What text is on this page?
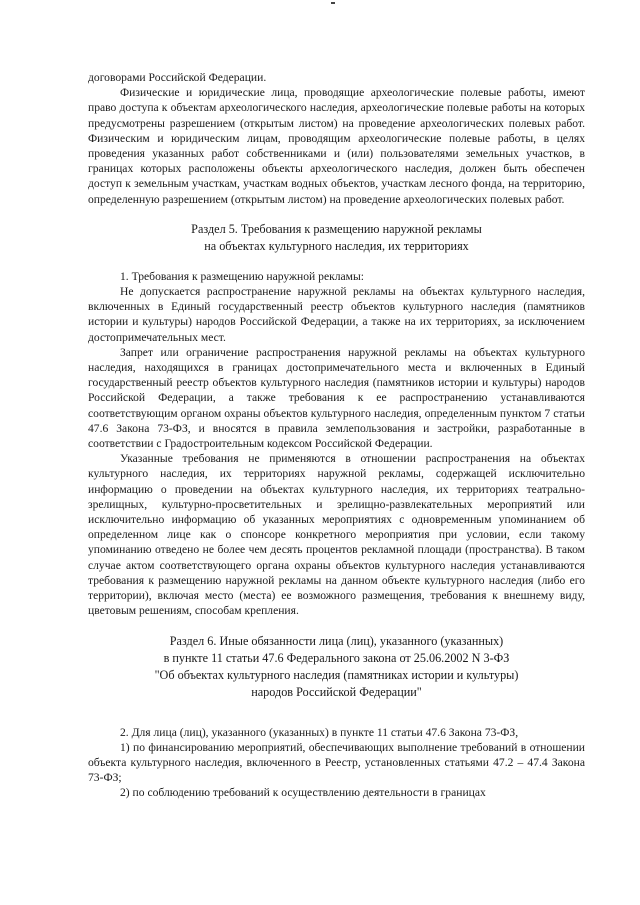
договорами Российской Федерации.

Физические и юридические лица, проводящие археологические полевые работы, имеют право доступа к объектам археологического наследия, археологические полевые работы на которых предусмотрены разрешением (открытым листом) на проведение археологических полевых работ. Физическим и юридическим лицам, проводящим археологические полевые работы, в целях проведения указанных работ собственниками и (или) пользователями земельных участков, в границах которых расположены объекты археологического наследия, должен быть обеспечен доступ к земельным участкам, участкам водных объектов, участкам лесного фонда, на территорию, определенную разрешением (открытым листом) на проведение археологических полевых работ.

Раздел 5. Требования к размещению наружной рекламы
на объектах культурного наследия, их территориях

1. Требования к размещению наружной рекламы:

Не допускается распространение наружной рекламы на объектах культурного наследия, включенных в Единый государственный реестр объектов культурного наследия (памятников истории и культуры) народов Российской Федерации, а также на их территориях, за исключением достопримечательных мест.

Запрет или ограничение распространения наружной рекламы на объектах культурного наследия, находящихся в границах достопримечательного места и включенных в Единый государственный реестр объектов культурного наследия (памятников истории и культуры) народов Российской Федерации, а также требования к ее распространению устанавливаются соответствующим органом охраны объектов культурного наследия, определенным пунктом 7 статьи 47.6 Закона 73-ФЗ, и вносятся в правила землепользования и застройки, разработанные в соответствии с Градостроительным кодексом Российской Федерации.

Указанные требования не применяются в отношении распространения на объектах культурного наследия, их территориях наружной рекламы, содержащей исключительно информацию о проведении на объектах культурного наследия, их территориях театрально-зрелищных, культурно-просветительных и зрелищно-развлекательных мероприятий или исключительно информацию об указанных мероприятиях с одновременным упоминанием об определенном лице как о спонсоре конкретного мероприятия при условии, если такому упоминанию отведено не более чем десять процентов рекламной площади (пространства). В таком случае актом соответствующего органа охраны объектов культурного наследия устанавливаются требования к размещению наружной рекламы на данном объекте культурного наследия (либо его территории), включая место (места) ее возможного размещения, требования к внешнему виду, цветовым решениям, способам крепления.

Раздел 6. Иные обязанности лица (лиц), указанного (указанных)
в пункте 11 статьи 47.6 Федерального закона от 25.06.2002 N 3-ФЗ
"Об объектах культурного наследия (памятниках истории и культуры)
народов Российской Федерации"

2. Для лица (лиц), указанного (указанных) в пункте 11 статьи 47.6 Закона 73-ФЗ,

1) по финансированию мероприятий, обеспечивающих выполнение требований в отношении объекта культурного наследия, включенного в Реестр, установленных статьями 47.2 – 47.4 Закона 73-ФЗ;

2) по соблюдению требований к осуществлению деятельности в границах
